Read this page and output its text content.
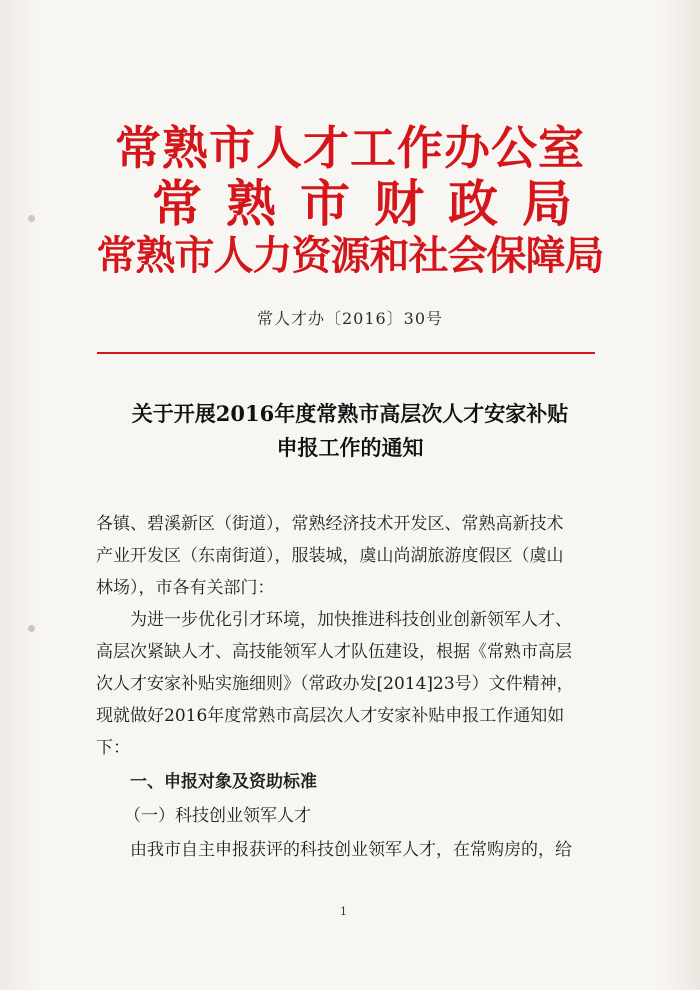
常熟市人才工作办公室
常熟市财政局
常熟市人力资源和社会保障局
常人才办〔2016〕30号
关于开展2016年度常熟市高层次人才安家补贴
申报工作的通知
各镇、碧溪新区（街道），常熟经济技术开发区、常熟高新技术
产业开发区（东南街道），服装城，虞山尚湖旅游度假区（虞山
林场），市各有关部门：
为进一步优化引才环境，加快推进科技创业创新领军人才、
高层次紧缺人才、高技能领军人才队伍建设，根据《常熟市高层
次人才安家补贴实施细则》（常政办发[2014]23号）文件精神，
现就做好2016年度常熟市高层次人才安家补贴申报工作通知如
下：
一、申报对象及资助标准
（一）科技创业领军人才
由我市自主申报获评的科技创业领军人才，在常购房的，给
1
